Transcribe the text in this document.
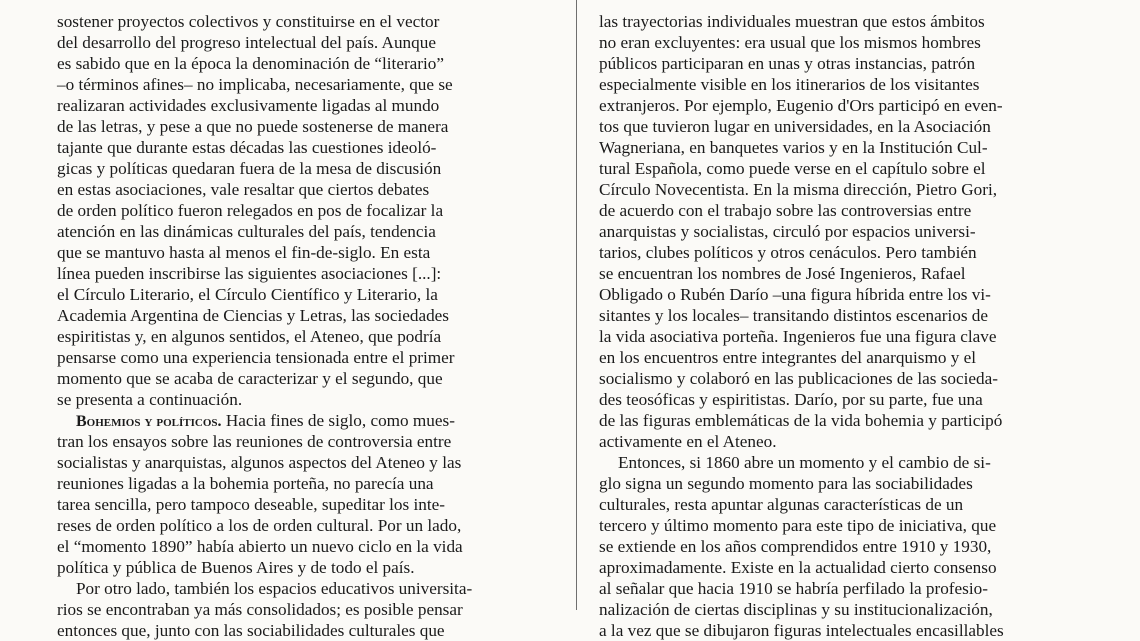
sostener proyectos colectivos y constituirse en el vector
del desarrollo del progreso intelectual del país. Aunque
es sabido que en la época la denominación de “literario”
–o términos afines– no implicaba, necesariamente, que se
realizaran actividades exclusivamente ligadas al mundo
de las letras, y pese a que no puede sostenerse de manera
tajante que durante estas décadas las cuestiones ideoló-
gicas y políticas quedaran fuera de la mesa de discusión
en estas asociaciones, vale resaltar que ciertos debates
de orden político fueron relegados en pos de focalizar la
atención en las dinámicas culturales del país, tendencia
que se mantuvo hasta al menos el fin-de-siglo. En esta
línea pueden inscribirse las siguientes asociaciones [...]:
el Círculo Literario, el Círculo Científico y Literario, la
Academia Argentina de Ciencias y Letras, las sociedades
espiritistas y, en algunos sentidos, el Ateneo, que podría
pensarse como una experiencia tensionada entre el primer
momento que se acaba de caracterizar y el segundo, que
se presenta a continuación.
Bohemios y políticos. Hacia fines de siglo, como mues-
tran los ensayos sobre las reuniones de controversia entre
socialistas y anarquistas, algunos aspectos del Ateneo y las
reuniones ligadas a la bohemia porteña, no parecía una
tarea sencilla, pero tampoco deseable, supeditar los inte-
reses de orden político a los de orden cultural. Por un lado,
el “momento 1890” había abierto un nuevo ciclo en la vida
política y pública de Buenos Aires y de todo el país.
Por otro lado, también los espacios educativos universita-
rios se encontraban ya más consolidados; es posible pensar
entonces que, junto con las sociabilidades culturales que
las trayectorias individuales muestran que estos ámbitos
no eran excluyentes: era usual que los mismos hombres
públicos participaran en unas y otras instancias, patrón
especialmente visible en los itinerarios de los visitantes
extranjeros. Por ejemplo, Eugenio d'Ors participó en even-
tos que tuvieron lugar en universidades, en la Asociación
Wagneriana, en banquetes varios y en la Institución Cul-
tural Española, como puede verse en el capítulo sobre el
Círculo Novecentista. En la misma dirección, Pietro Gori,
de acuerdo con el trabajo sobre las controversias entre
anarquistas y socialistas, circuló por espacios universi-
tarios, clubes políticos y otros cenáculos. Pero también
se encuentran los nombres de José Ingenieros, Rafael
Obligado o Rubén Darío –una figura híbrida entre los vi-
sitantes y los locales– transitando distintos escenarios de
la vida asociativa porteña. Ingenieros fue una figura clave
en los encuentros entre integrantes del anarquismo y el
socialismo y colaboró en las publicaciones de las socieda-
des teosóficas y espiritistas. Darío, por su parte, fue una
de las figuras emblemáticas de la vida bohemia y participó
activamente en el Ateneo.
Entonces, si 1860 abre un momento y el cambio de si-
glo signa un segundo momento para las sociabilidades
culturales, resta apuntar algunas características de un
tercero y último momento para este tipo de iniciativa, que
se extiende en los años comprendidos entre 1910 y 1930,
aproximadamente. Existe en la actualidad cierto consenso
al señalar que hacia 1910 se habría perfilado la profesio-
nalización de ciertas disciplinas y su institucionalización,
a la vez que se dibujaron figuras intelectuales encasillables
